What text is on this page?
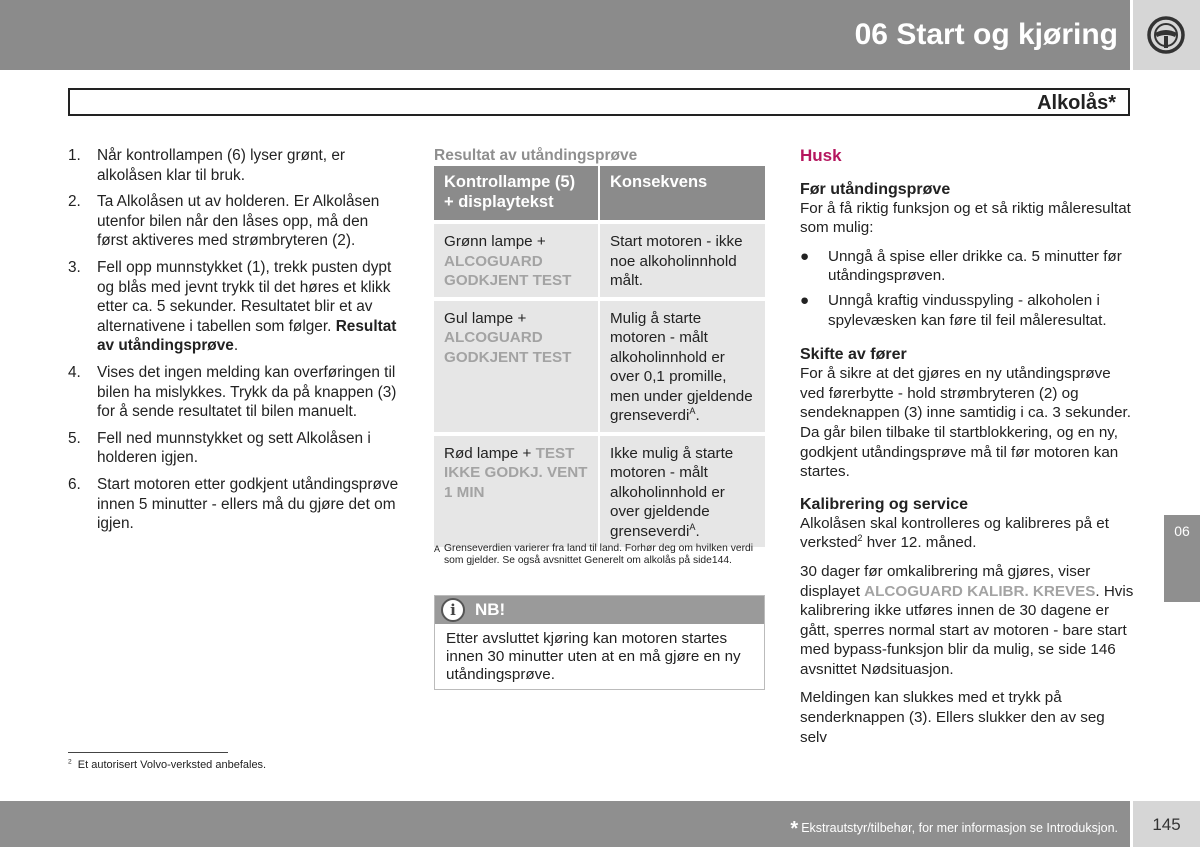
06 Start og kjøring
Alkolås*
1. Når kontrollampen (6) lyser grønt, er alkolåsen klar til bruk.
2. Ta Alkolåsen ut av holderen. Er Alkolåsen utenfor bilen når den låses opp, må den først aktiveres med strømbryteren (2).
3. Fell opp munnstykket (1), trekk pusten dypt og blås med jevnt trykk til det høres et klikk etter ca. 5 sekunder. Resultatet blir et av alternativene i tabellen som følger. Resultat av utåndingsprøve.
4. Vises det ingen melding kan overføringen til bilen ha mislykkes. Trykk da på knappen (3) for å sende resultatet til bilen manuelt.
5. Fell ned munnstykket og sett Alkolåsen i holderen igjen.
6. Start motoren etter godkjent utåndingsprøve innen 5 minutter - ellers må du gjøre det om igjen.
Resultat av utåndingsprøve
Kontrollampe (5) + displaytekst	Konsekvens
Grønn lampe + ALCOGUARD GODKJENT TEST	Start motoren - ikke noe alkoholinnhold målt.
Gul lampe + ALCOGUARD GODKJENT TEST	Mulig å starte motoren - målt alkoholinnhold er over 0,1 promille, men under gjeldende grenseverdi$^A$.
Rød lampe + TEST IKKE GODKJ. VENT 1 MIN	Ikke mulig å starte motoren - målt alkoholinnhold er over gjeldende grenseverdi$^A$.
A Grenseverdien varierer fra land til land. Forhør deg om hvilken verdi som gjelder. Se også avsnittet Generelt om alkolås på side144.
i	NB!
Etter avsluttet kjøring kan motoren startes innen 30 minutter uten at en må gjøre en ny utåndingsprøve.
Husk
Før utåndingsprøve

For å få riktig funksjon og et så riktig måleresultat som mulig:

● Unngå å spise eller drikke ca. 5 minutter før utåndingsprøven.
● Unngå kraftig vindusspyling - alkoholen i spylevæsken kan føre til feil måleresultat.
Skifte av fører

For å sikre at det gjøres en ny utåndingsprøve ved førerbytte - hold strømbryteren (2) og sendeknappen (3) inne samtidig i ca. 3 sekunder. Da går bilen tilbake til startblokkering, og en ny, godkjent utåndingsprøve må til før motoren kan startes.

Kalibrering og service

Alkolåsen skal kontrolleres og kalibreres på et verksted$^2$ hver 12. måned.

30 dager før omkalibrering må gjøres, viser displayet ALCOGUARD KALIBR. KREVES. Hvis kalibrering ikke utføres innen de 30 dagene er gått, sperres normal start av motoren - bare start med bypass-funksjon blir da mulig, se side 146 avsnittet Nødsituasjon.

Meldingen kan slukkes med et trykk på senderknappen (3). Ellers slukker den av seg selv

06
$^2$ Et autorisert Volvo-verksted anbefales.
* Ekstrautstyr/tilbehør, for mer informasjon se Introduksjon.	145
